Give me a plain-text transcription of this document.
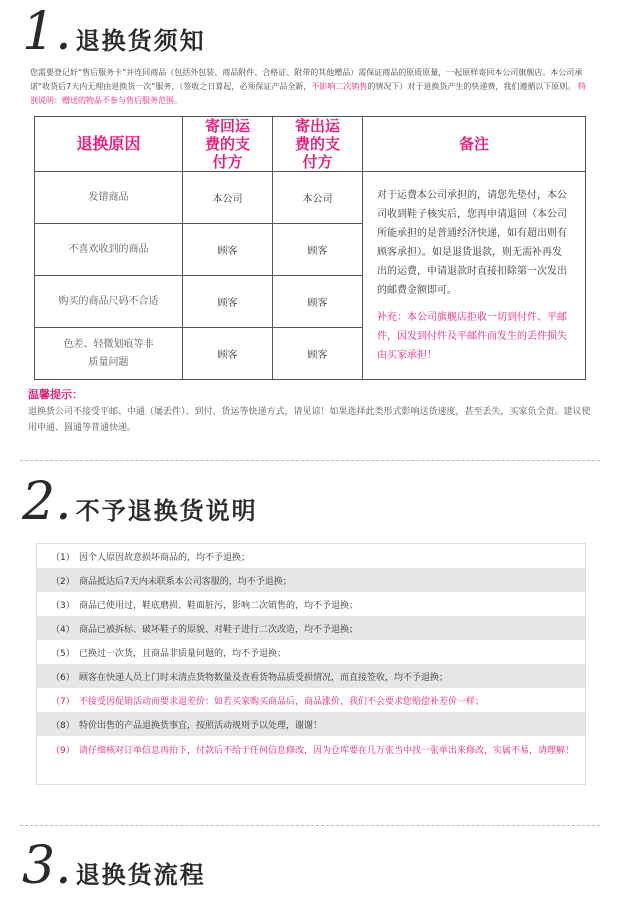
1. 退换货须知

您需要登记好“售后服务卡”并连同商品（包括外包装、商品附件、合格证、附带的其他赠品）需保证商品的原质原量，一起原样寄回本公司旗舰店。本公司承诺“收货后7天内无理由退换货一次”服务，（签收之日算起，必须保证产品全新，不影响二次销售的情况下）对于退换货产生的快递费，我们遵循以下原则。 特别说明：赠送的物品不参与售后服务范围。

退换原因	寄回运费的支付方	寄出运费的支付方	备注
发错商品	本公司	本公司	对于运费本公司承担的，请您先垫付，本公司收到鞋子核实后，您再申请退回（本公司所能承担的是普通经济快递，如有超出则有顾客承担）。如是退货退款，则无需补再发出的运费，申请退款时直接扣除第一次发出的邮费金额即可。
补充：本公司旗舰店拒收一切到付件、平邮件，因发到付件及平邮件而发生的丢件损失由买家承担！

不喜欢收到的商品	顾客	顾客	
购买的商品尺码不合适	顾客	顾客	
色差、轻微划痕等非质量问题	顾客	顾客	
温馨提示：

退换货公司不接受平邮、中通（屡丢件）、到付、货运等快递方式，请见谅！如果选择此类形式影响送货速度，甚至丢失，买家负全责。建议使用申通、圆通等普通快递。

2. 不予退换货说明
（1） 因个人原因故意损坏商品的，均不予退换；
（2） 商品抵达后7天内未联系本公司客服的，均不予退换；
（3） 商品已使用过，鞋底磨损、鞋面脏污，影响二次销售的，均不予退换；
（4） 商品已被拆标、破坏鞋子的原貌、对鞋子进行二次改造，均不予退换；
（5） 已换过一次货，且商品非质量问题的，均不予退换；
（6） 顾客在快递人员上门时未清点货物数量及查看货物品质受损情况，而直接签收，均不予退换；
（7） 不接受因促销活动而要求退差价：如若买家购买商品后，商品涨价，我们不会要求您赔偿补差价一样；
（8） 特价出售的产品退换货事宜，按照活动规则予以处理，谢谢！
（9） 请仔细核对订单信息再拍下，付款后不给于任何信息修改，因为仓库要在几万张当中找一张单出来修改，实属不易，请理解！
3. 退换货流程
